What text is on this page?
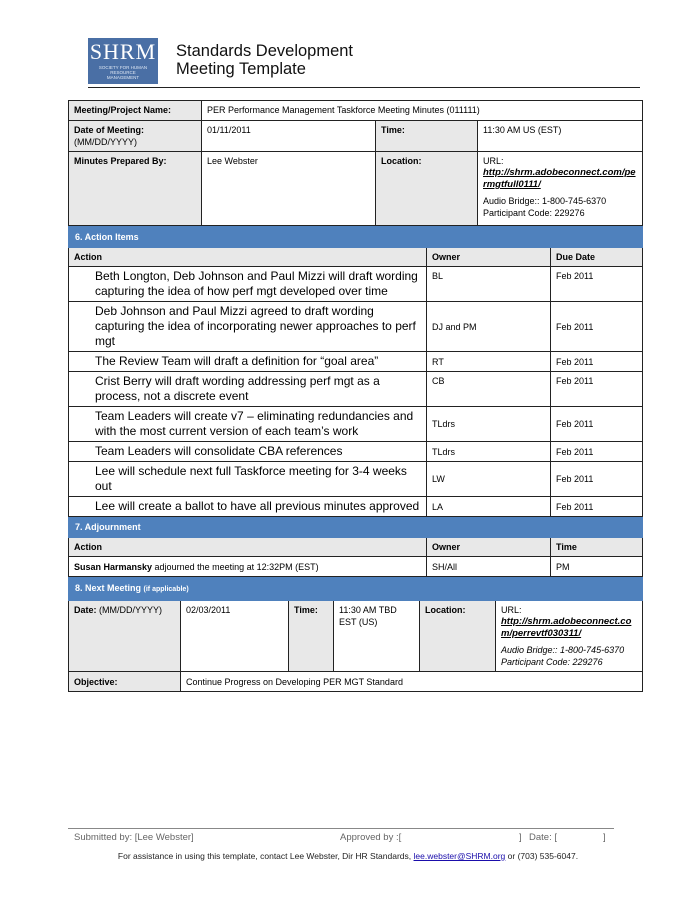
SHRM
SOCIETY FOR HUMAN RESOURCE MANAGEMENT
Standards Development
Meeting Template
Meeting/Project Name:	PER Performance Management Taskforce Meeting Minutes (011111)		

Date of Meeting:
(MM/DD/YYYY)	01/11/2011	Time:	11:30 AM US (EST)
Minutes Prepared By:	Lee Webster	Location:	URL:
http://shrm.adobeconnect.com/permgtfull0111/
Audio Bridge:: 1-800-745-6370
Participant Code: 229276
6. Action Items		
Action	Owner	Due Date
Beth Longton, Deb Johnson and Paul Mizzi will draft wording capturing the idea of how perf mgt developed over time	BL	Feb 2011
Deb Johnson and Paul Mizzi agreed to draft wording capturing the idea of incorporating newer approaches to perf mgt	DJ and PM	Feb 2011
The Review Team will draft a definition for “goal area”	RT	Feb 2011
Crist Berry will draft wording addressing perf mgt as a process, not a discrete event	CB	Feb 2011
Team Leaders will create v7 – eliminating redundancies and with the most current version of each team’s work	TLdrs	Feb 2011
Team Leaders will consolidate CBA references	TLdrs	Feb 2011
Lee will schedule next full Taskforce meeting for 3-4 weeks out	LW	Feb 2011
Lee will create a ballot to have all previous minutes approved	LA	Feb 2011
7. Adjournment		
Action	Owner	Time
Susan Harmansky adjourned the meeting at 12:32PM (EST)	SH/All	PM
8. Next Meeting (if applicable)					
Date: (MM/DD/YYYY)	02/03/2011	Time:	11:30 AM TBD EST (US)	Location:	URL:
http://shrm.adobeconnect.com/perrevtf030311/
Audio Bridge:: 1-800-745-6370
Participant Code: 229276

Objective:	Continue Progress on Developing PER MGT Standard				
Submitted by: [Lee Webster]	Approved by :[	] Date: [	]
For assistance in using this template, contact Lee Webster, Dir HR Standards, lee.webster@SHRM.org or (703) 535-6047.
